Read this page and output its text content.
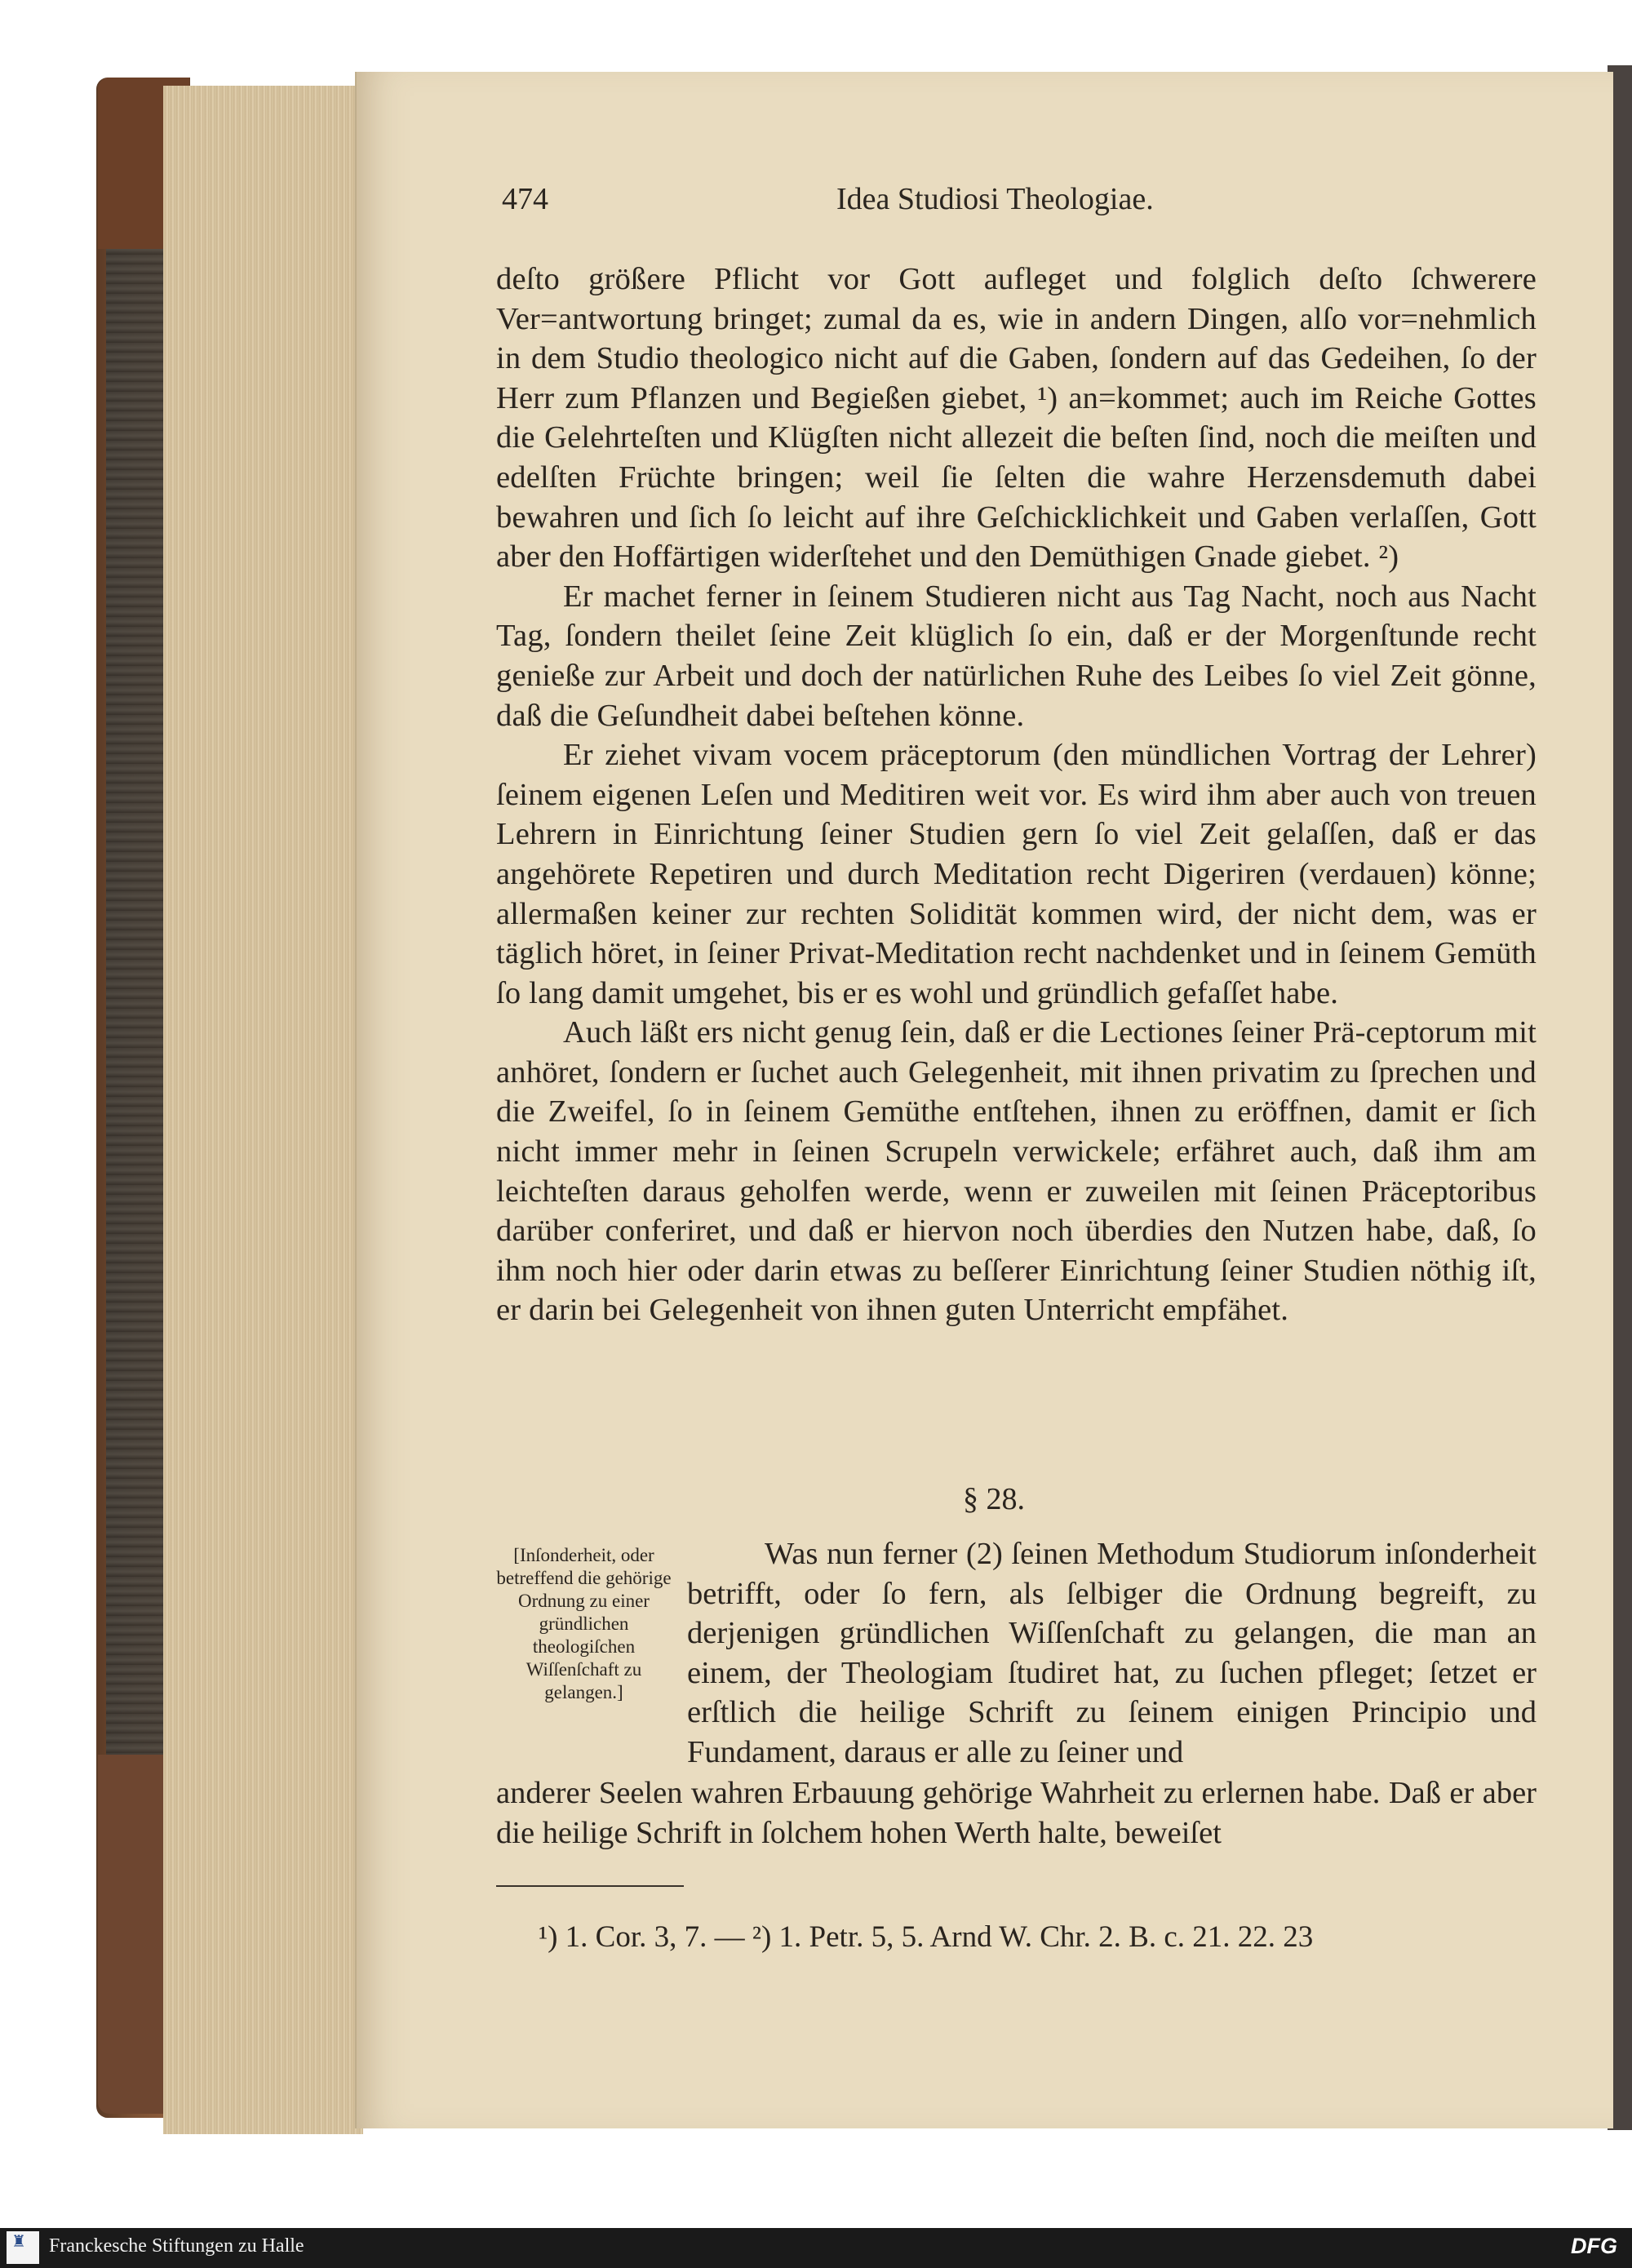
474	Idea Studiosi Theologiae.

deſto größere Pflicht vor Gott aufleget und folglich deſto ſchwerere Ver=antwortung bringet; zumal da es, wie in andern Dingen, alſo vor=nehmlich in dem Studio theologico nicht auf die Gaben, ſondern auf das Gedeihen, ſo der Herr zum Pflanzen und Begießen giebet, ¹) an=kommet; auch im Reiche Gottes die Gelehrteſten und Klügſten nicht allezeit die beſten ſind, noch die meiſten und edelſten Früchte bringen; weil ſie ſelten die wahre Herzensdemuth dabei bewahren und ſich ſo leicht auf ihre Geſchicklichkeit und Gaben verlaſſen, Gott aber den Hoffärtigen widerſtehet und den Demüthigen Gnade giebet. ²)

Er machet ferner in ſeinem Studieren nicht aus Tag Nacht, noch aus Nacht Tag, ſondern theilet ſeine Zeit klüglich ſo ein, daß er der Morgenſtunde recht genieße zur Arbeit und doch der natürlichen Ruhe des Leibes ſo viel Zeit gönne, daß die Geſundheit dabei beſtehen könne.

Er ziehet vivam vocem präceptorum (den mündlichen Vortrag der Lehrer) ſeinem eigenen Leſen und Meditiren weit vor. Es wird ihm aber auch von treuen Lehrern in Einrichtung ſeiner Studien gern ſo viel Zeit gelaſſen, daß er das angehörete Repetiren und durch Meditation recht Digeriren (verdauen) könne; allermaßen keiner zur rechten Solidität kommen wird, der nicht dem, was er täglich höret, in ſeiner Privat-Meditation recht nachdenket und in ſeinem Gemüth ſo lang damit umgehet, bis er es wohl und gründlich gefaſſet habe.

Auch läßt ers nicht genug ſein, daß er die Lectiones ſeiner Prä-ceptorum mit anhöret, ſondern er ſuchet auch Gelegenheit, mit ihnen privatim zu ſprechen und die Zweifel, ſo in ſeinem Gemüthe entſtehen, ihnen zu eröffnen, damit er ſich nicht immer mehr in ſeinen Scrupeln verwickele; erfähret auch, daß ihm am leichteſten daraus geholfen werde, wenn er zuweilen mit ſeinen Präceptoribus darüber conferiret, und daß er hiervon noch überdies den Nutzen habe, daß, ſo ihm noch hier oder darin etwas zu beſſerer Einrichtung ſeiner Studien nöthig iſt, er darin bei Gelegenheit von ihnen guten Unterricht empfähet.

§ 28.
[Inſonderheit, oder betreffend die gehörige Ordnung zu einer gründlichen theologiſchen Wiſſenſchaft zu gelangen.]

Was nun ferner (2) ſeinen Methodum Studiorum inſonderheit betrifft, oder ſo fern, als ſelbiger die Ordnung begreift, zu derjenigen gründlichen Wiſſenſchaft zu gelangen, die man an einem, der Theologiam ſtudiret hat, zu ſuchen pfleget; ſetzet er erſtlich die heilige Schrift zu ſeinem einigen Principio und Fundament, daraus er alle zu ſeiner und

anderer Seelen wahren Erbauung gehörige Wahrheit zu erlernen habe. Daß er aber die heilige Schrift in ſolchem hohen Werth halte, beweiſet

¹) 1. Cor. 3, 7. — ²) 1. Petr. 5, 5. Arnd W. Chr. 2. B. c. 21. 22. 23
♜ Franckesche Stiftungen zu Halle	DFG
